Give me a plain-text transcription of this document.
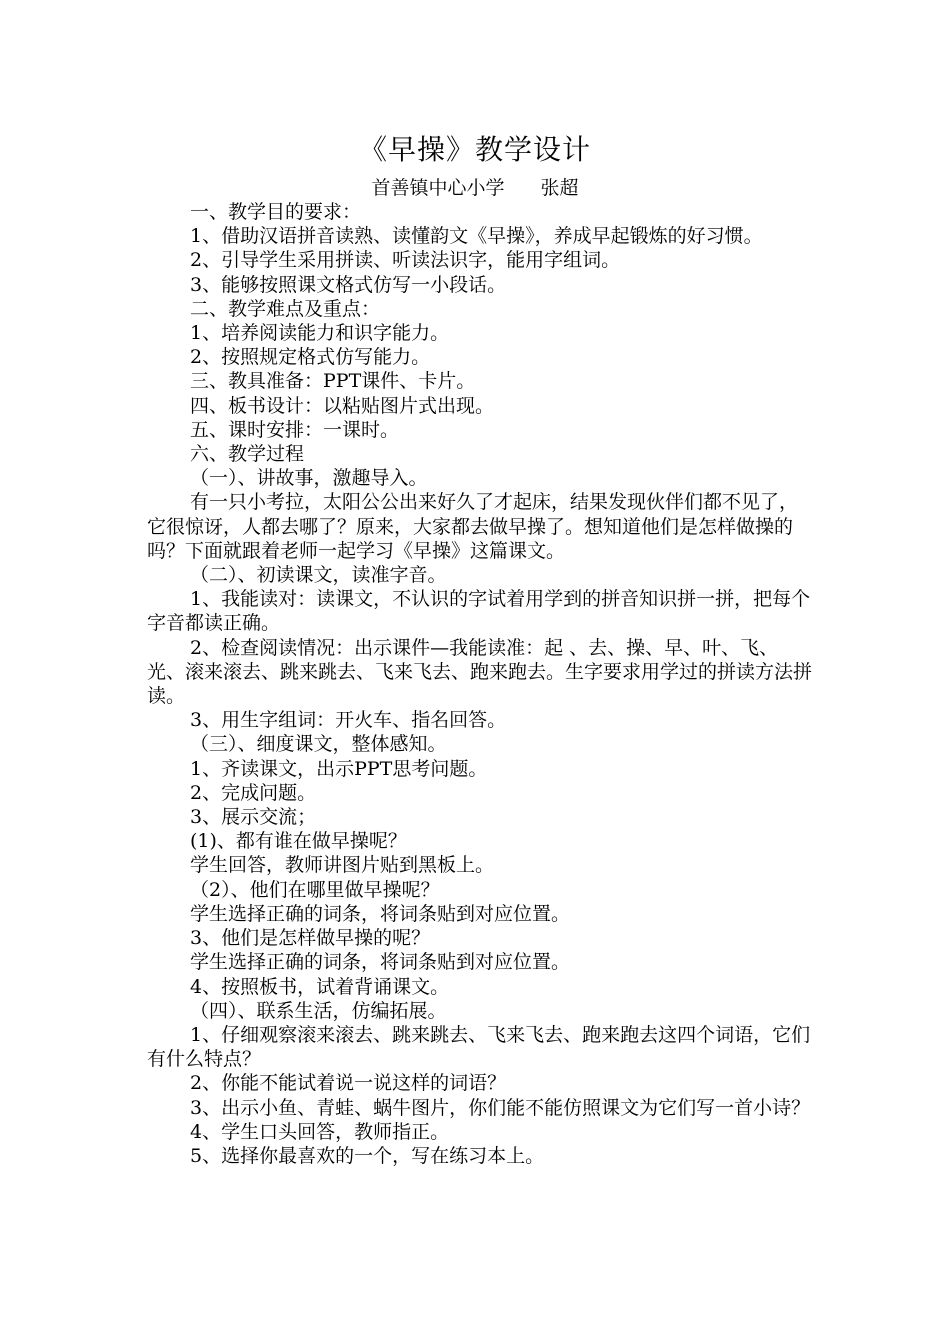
《早操》教学设计
首善镇中心小学 张超

一、教学目的要求：

1、借助汉语拼音读熟、读懂韵文《早操》，养成早起锻炼的好习惯。

2、引导学生采用拼读、听读法识字，能用字组词。

3、能够按照课文格式仿写一小段话。

二、教学难点及重点：

1、培养阅读能力和识字能力。

2、按照规定格式仿写能力。

三、教具准备：PPT课件、卡片。

四、板书设计：以粘贴图片式出现。

五、课时安排：一课时。

六、教学过程

（一）、讲故事，激趣导入。

有一只小考拉，太阳公公出来好久了才起床，结果发现伙伴们都不见了，它很惊讶，人都去哪了？原来，大家都去做早操了。想知道他们是怎样做操的吗？下面就跟着老师一起学习《早操》这篇课文。

（二）、初读课文，读准字音。

1、我能读对：读课文，不认识的字试着用学到的拼音知识拼一拼，把每个字音都读正确。

2、检查阅读情况：出示课件—我能读准：起 、去、操、早、叶、飞、光、滚来滚去、跳来跳去、飞来飞去、跑来跑去。生字要求用学过的拼读方法拼读。

3、用生字组词：开火车、指名回答。

（三）、细度课文，整体感知。

1、齐读课文，出示PPT思考问题。

2、完成问题。

3、展示交流；

(1)、都有谁在做早操呢？

学生回答，教师讲图片贴到黑板上。

（2）、他们在哪里做早操呢？

学生选择正确的词条，将词条贴到对应位置。

3、他们是怎样做早操的呢？

学生选择正确的词条，将词条贴到对应位置。

4、按照板书，试着背诵课文。

（四）、联系生活，仿编拓展。

1、仔细观察滚来滚去、跳来跳去、飞来飞去、跑来跑去这四个词语，它们有什么特点？

2、你能不能试着说一说这样的词语？

3、出示小鱼、青蛙、蜗牛图片，你们能不能仿照课文为它们写一首小诗？

4、学生口头回答，教师指正。

5、选择你最喜欢的一个，写在练习本上。
